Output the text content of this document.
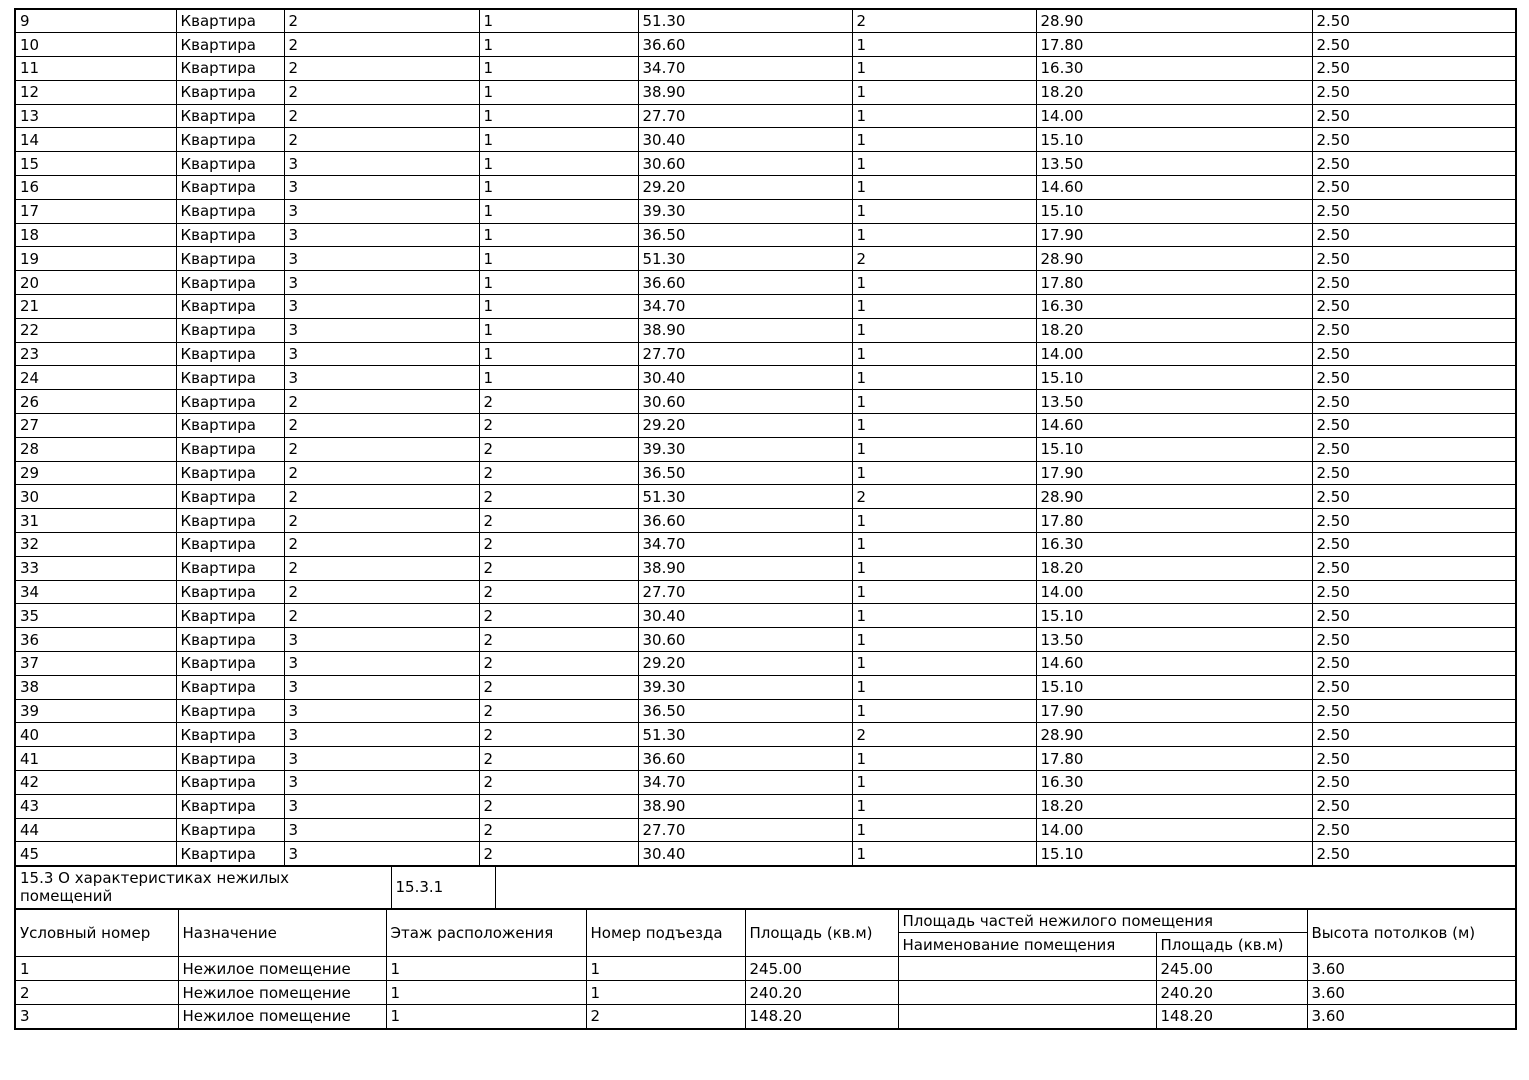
9	Квартира	2	1	51.30	2	28.90	2.50
10	Квартира	2	1	36.60	1	17.80	2.50
11	Квартира	2	1	34.70	1	16.30	2.50
12	Квартира	2	1	38.90	1	18.20	2.50
13	Квартира	2	1	27.70	1	14.00	2.50
14	Квартира	2	1	30.40	1	15.10	2.50
15	Квартира	3	1	30.60	1	13.50	2.50
16	Квартира	3	1	29.20	1	14.60	2.50
17	Квартира	3	1	39.30	1	15.10	2.50
18	Квартира	3	1	36.50	1	17.90	2.50
19	Квартира	3	1	51.30	2	28.90	2.50
20	Квартира	3	1	36.60	1	17.80	2.50
21	Квартира	3	1	34.70	1	16.30	2.50
22	Квартира	3	1	38.90	1	18.20	2.50
23	Квартира	3	1	27.70	1	14.00	2.50
24	Квартира	3	1	30.40	1	15.10	2.50
26	Квартира	2	2	30.60	1	13.50	2.50
27	Квартира	2	2	29.20	1	14.60	2.50
28	Квартира	2	2	39.30	1	15.10	2.50
29	Квартира	2	2	36.50	1	17.90	2.50
30	Квартира	2	2	51.30	2	28.90	2.50
31	Квартира	2	2	36.60	1	17.80	2.50
32	Квартира	2	2	34.70	1	16.30	2.50
33	Квартира	2	2	38.90	1	18.20	2.50
34	Квартира	2	2	27.70	1	14.00	2.50
35	Квартира	2	2	30.40	1	15.10	2.50
36	Квартира	3	2	30.60	1	13.50	2.50
37	Квартира	3	2	29.20	1	14.60	2.50
38	Квартира	3	2	39.30	1	15.10	2.50
39	Квартира	3	2	36.50	1	17.90	2.50
40	Квартира	3	2	51.30	2	28.90	2.50
41	Квартира	3	2	36.60	1	17.80	2.50
42	Квартира	3	2	34.70	1	16.30	2.50
43	Квартира	3	2	38.90	1	18.20	2.50
44	Квартира	3	2	27.70	1	14.00	2.50
45	Квартира	3	2	30.40	1	15.10	2.50
15.3 О характеристиках нежилых помещений	15.3.1	
Условный номер	Назначение	Этаж расположения	Номер подъезда	Площадь (кв.м)	Площадь частей нежилого помещения		Высота потолков (м)
					Наименование помещения	Площадь (кв.м)	
1	Нежилое помещение	1	1	245.00		245.00	3.60
2	Нежилое помещение	1	1	240.20		240.20	3.60
3	Нежилое помещение	1	2	148.20		148.20	3.60
